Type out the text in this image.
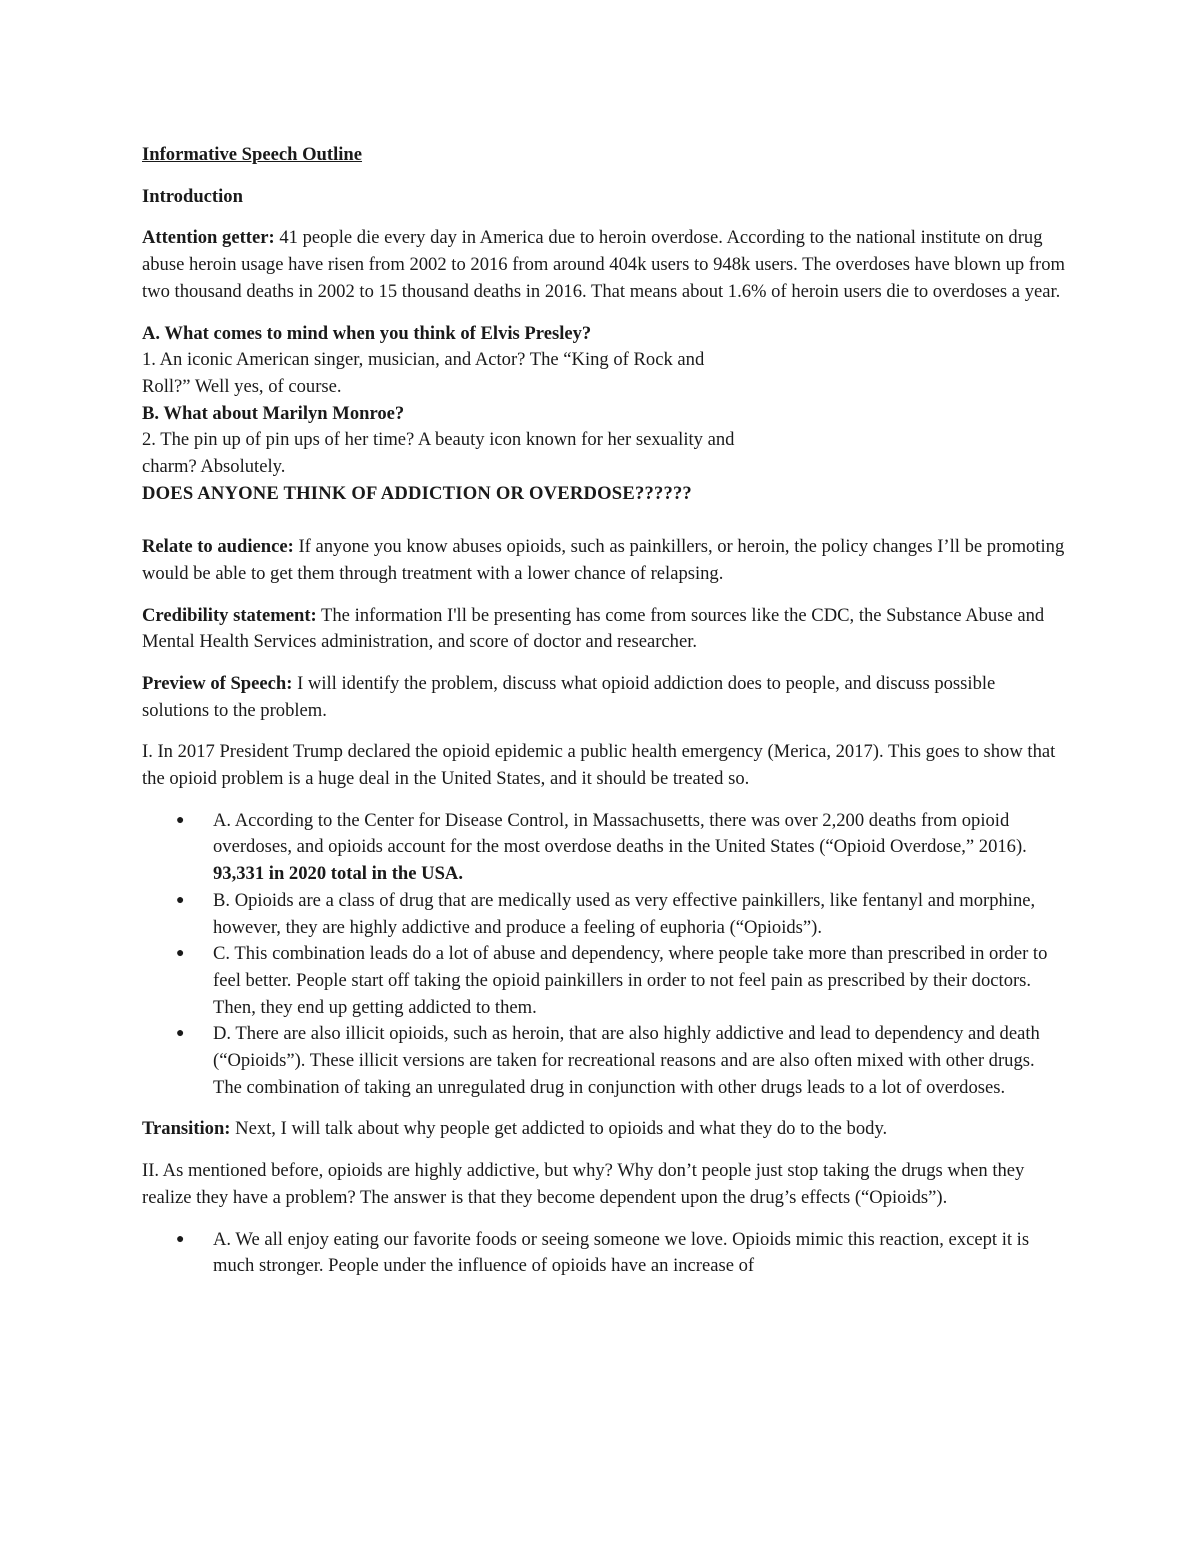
Informative Speech Outline

Introduction

Attention getter: 41 people die every day in America due to heroin overdose. According to the national institute on drug abuse heroin usage have risen from 2002 to 2016 from around 404k users to 948k users. The overdoses have blown up from two thousand deaths in 2002 to 15 thousand deaths in 2016. That means about 1.6% of heroin users die to overdoses a year.

A. What comes to mind when you think of Elvis Presley?

1. An iconic American singer, musician, and Actor? The “King of Rock and

Roll?” Well yes, of course.

B. What about Marilyn Monroe?

2. The pin up of pin ups of her time? A beauty icon known for her sexuality and

charm? Absolutely.

DOES ANYONE THINK OF ADDICTION OR OVERDOSE??????

Relate to audience: If anyone you know abuses opioids, such as painkillers, or heroin, the policy changes I’ll be promoting would be able to get them through treatment with a lower chance of relapsing.

Credibility statement: The information I'll be presenting has come from sources like the CDC, the Substance Abuse and Mental Health Services administration, and score of doctor and researcher.

Preview of Speech: I will identify the problem, discuss what opioid addiction does to people, and discuss possible solutions to the problem.

I. In 2017 President Trump declared the opioid epidemic a public health emergency (Merica, 2017). This goes to show that the opioid problem is a huge deal in the United States, and it should be treated so.

● A. According to the Center for Disease Control, in Massachusetts, there was over 2,200 deaths from opioid overdoses, and opioids account for the most overdose deaths in the United States (“Opioid Overdose,” 2016). 93,331 in 2020 total in the USA.
● B. Opioids are a class of drug that are medically used as very effective painkillers, like fentanyl and morphine, however, they are highly addictive and produce a feeling of euphoria (“Opioids”).
● C. This combination leads do a lot of abuse and dependency, where people take more than prescribed in order to feel better. People start off taking the opioid painkillers in order to not feel pain as prescribed by their doctors. Then, they end up getting addicted to them.
● D. There are also illicit opioids, such as heroin, that are also highly addictive and lead to dependency and death (“Opioids”). These illicit versions are taken for recreational reasons and are also often mixed with other drugs. The combination of taking an unregulated drug in conjunction with other drugs leads to a lot of overdoses.

Transition: Next, I will talk about why people get addicted to opioids and what they do to the body.

II. As mentioned before, opioids are highly addictive, but why? Why don’t people just stop taking the drugs when they realize they have a problem? The answer is that they become dependent upon the drug’s effects (“Opioids”).

● A. We all enjoy eating our favorite foods or seeing someone we love. Opioids mimic this reaction, except it is much stronger. People under the influence of opioids have an increase of
